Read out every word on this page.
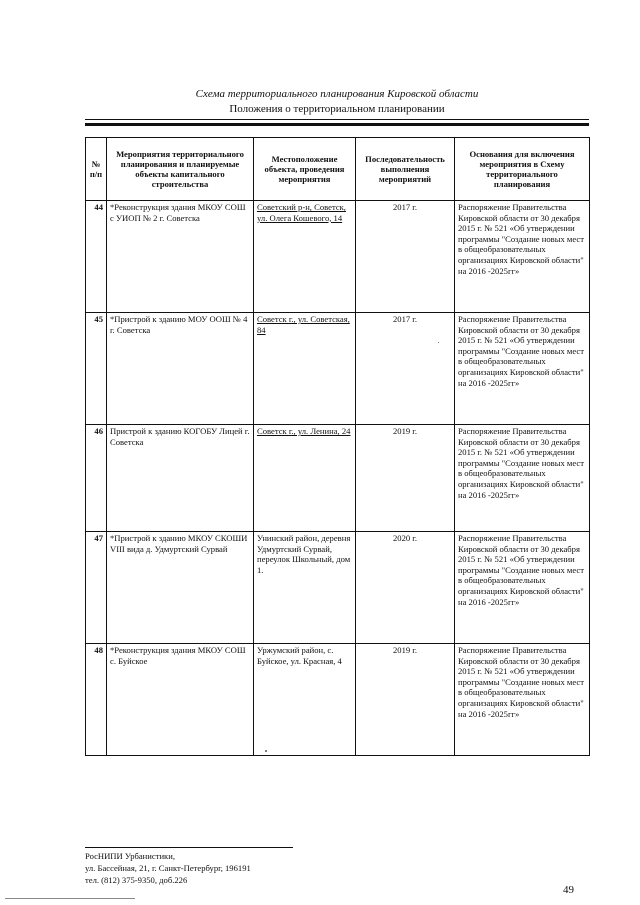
Схема территориального планирования Кировской области
Положения о территориальном планировании
№ п/п	Мероприятия территориального планирования и планируемые объекты капитального строительства	Местоположение объекта, проведения мероприятия	Последовательность выполнения мероприятий	Основания для включения мероприятия в Схему территориального планирования
44	*Реконструкция здания МКОУ СОШ с УИОП № 2 г. Советска	Советский р-н, Советск, ул. Олега Кошевого, 14	2017 г.	Распоряжение Правительства Кировской области от 30 декабря 2015 г. № 521 «Об утверждении программы "Создание новых мест в общеобразовательных организациях Кировской области" на 2016 -2025гг»
45	*Пристрой к зданию МОУ ООШ № 4 г. Советска	Советск г., ул. Советская, 84	2017 г.	Распоряжение Правительства Кировской области от 30 декабря 2015 г. № 521 «Об утверждении программы "Создание новых мест в общеобразовательных организациях Кировской области" на 2016 -2025гг»
46	Пристрой к зданию КОГОБУ Лицей г. Советска	Советск г., ул. Ленина, 24	2019 г.	Распоряжение Правительства Кировской области от 30 декабря 2015 г. № 521 «Об утверждении программы "Создание новых мест в общеобразовательных организациях Кировской области" на 2016 -2025гг»
47	*Пристрой к зданию МКОУ СКОШИ VIII вида д. Удмуртский Сурвай	Унинский район, деревня Удмуртский Сурвай, переулок Школьный, дом 1.	2020 г.	Распоряжение Правительства Кировской области от 30 декабря 2015 г. № 521 «Об утверждении программы "Создание новых мест в общеобразовательных организациях Кировской области" на 2016 -2025гг»
48	*Реконструкция здания МКОУ СОШ с. Буйское	Уржумский район, с. Буйское, ул. Красная, 4	2019 г.	Распоряжение Правительства Кировской области от 30 декабря 2015 г. № 521 «Об утверждении программы "Создание новых мест в общеобразовательных организациях Кировской области" на 2016 -2025гг»
РосНИПИ Урбанистики,
ул. Бассейная, 21, г. Санкт-Петербург, 196191
тел. (812) 375-9350, доб.226
49
